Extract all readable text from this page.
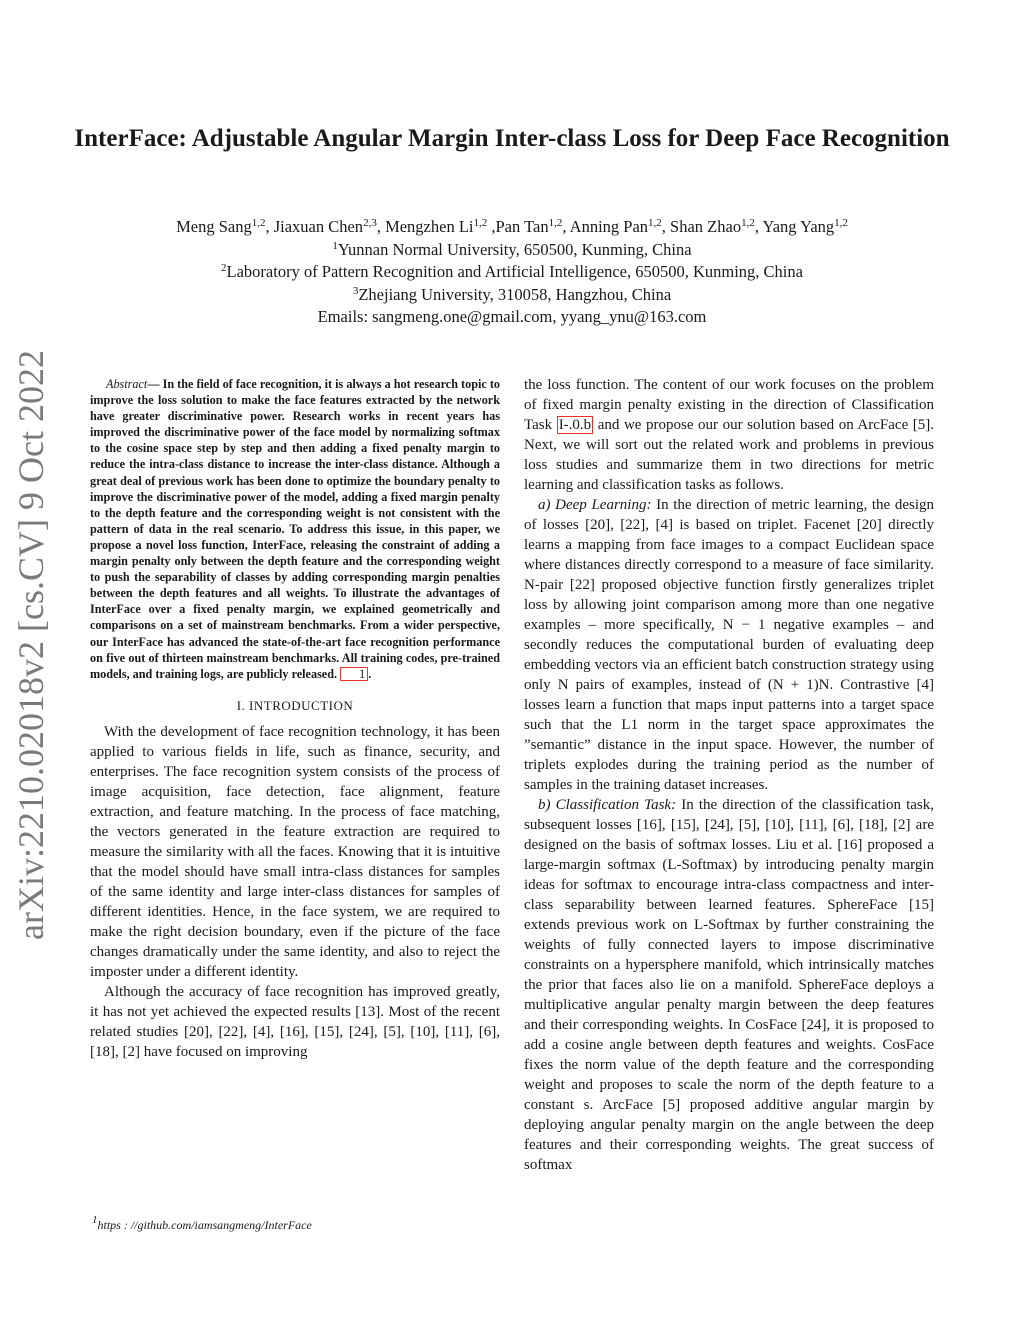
InterFace: Adjustable Angular Margin Inter-class Loss for Deep Face Recognition
Meng Sang$^{1,2}$, Jiaxuan Chen$^{2,3}$, Mengzhen Li$^{1,2}$ ,Pan Tan$^{1,2}$, Anning Pan$^{1,2}$, Shan Zhao$^{1,2}$, Yang Yang$^{1,2}$
$^1$Yunnan Normal University, 650500, Kunming, China
$^2$Laboratory of Pattern Recognition and Artificial Intelligence, 650500, Kunming, China
$^3$Zhejiang University, 310058, Hangzhou, China
Emails: sangmeng.one@gmail.com, yyang_ynu@163.com
arXiv:2210.02018v2 [cs.CV] 9 Oct 2022	Abstract— In the field of face recognition, it is always a hot research topic to improve the loss solution to make the face features extracted by the network have greater discriminative power. Research works in recent years has improved the discriminative power of the face model by normalizing softmax to the cosine space step by step and then adding a fixed penalty margin to reduce the intra-class distance to increase the inter-class distance. Although a great deal of previous work has been done to optimize the boundary penalty to improve the discriminative power of the model, adding a fixed margin penalty to the depth feature and the corresponding weight is not consistent with the pattern of data in the real scenario. To address this issue, in this paper, we propose a novel loss function, InterFace, releasing the constraint of adding a margin penalty only between the depth feature and the corresponding weight to push the separability of classes by adding corresponding margin penalties between the depth features and all weights. To illustrate the advantages of InterFace over a fixed penalty margin, we explained geometrically and comparisons on a set of mainstream benchmarks. From a wider perspective, our InterFace has advanced the state-of-the-art face recognition performance on five out of thirteen mainstream benchmarks. All training codes, pre-trained models, and training logs, are publicly released. 1 .

I. INTRODUCTION

With the development of face recognition technology, it has been applied to various fields in life, such as finance, security, and enterprises. The face recognition system consists of the process of image acquisition, face detection, face alignment, feature extraction, and feature matching. In the process of face matching, the vectors generated in the feature extraction are required to measure the similarity with all the faces. Knowing that it is intuitive that the model should have small intra-class distances for samples of the same identity and large inter-class distances for samples of different identities. Hence, in the face system, we are required to make the right decision boundary, even if the picture of the face changes dramatically under the same identity, and also to reject the imposter under a different identity.

Although the accuracy of face recognition has improved greatly, it has not yet achieved the expected results [13]. Most of the recent related studies [20], [22], [4], [16], [15], [24], [5], [10], [11], [6], [18], [2] have focused on improving

$^1$https : //github.com/iamsangmeng/InterFace

the loss function. The content of our work focuses on the problem of fixed margin penalty existing in the direction of Classification Task I-.0.b and we propose our our solution based on ArcFace [5]. Next, we will sort out the related work and problems in previous loss studies and summarize them in two directions for metric learning and classification tasks as follows.

a) Deep Learning: In the direction of metric learning, the design of losses [20], [22], [4] is based on triplet. Facenet [20] directly learns a mapping from face images to a compact Euclidean space where distances directly correspond to a measure of face similarity. N-pair [22] proposed objective function firstly generalizes triplet loss by allowing joint comparison among more than one negative examples – more specifically, N − 1 negative examples – and secondly reduces the computational burden of evaluating deep embedding vectors via an efficient batch construction strategy using only N pairs of examples, instead of (N + 1)N. Contrastive [4] losses learn a function that maps input patterns into a target space such that the L1 norm in the target space approximates the ”semantic” distance in the input space. However, the number of triplets explodes during the training period as the number of samples in the training dataset increases.

b) Classification Task: In the direction of the classification task, subsequent losses [16], [15], [24], [5], [10], [11], [6], [18], [2] are designed on the basis of softmax losses. Liu et al. [16] proposed a large-margin softmax (L-Softmax) by introducing penalty margin ideas for softmax to encourage intra-class compactness and inter-class separability between learned features. SphereFace [15] extends previous work on L-Softmax by further constraining the weights of fully connected layers to impose discriminative constraints on a hypersphere manifold, which intrinsically matches the prior that faces also lie on a manifold. SphereFace deploys a multiplicative angular penalty margin between the deep features and their corresponding weights. In CosFace [24], it is proposed to add a cosine angle between depth features and weights. CosFace fixes the norm value of the depth feature and the corresponding weight and proposes to scale the norm of the depth feature to a constant s. ArcFace [5] proposed additive angular margin by deploying angular penalty margin on the angle between the deep features and their corresponding weights. The great success of softmax
